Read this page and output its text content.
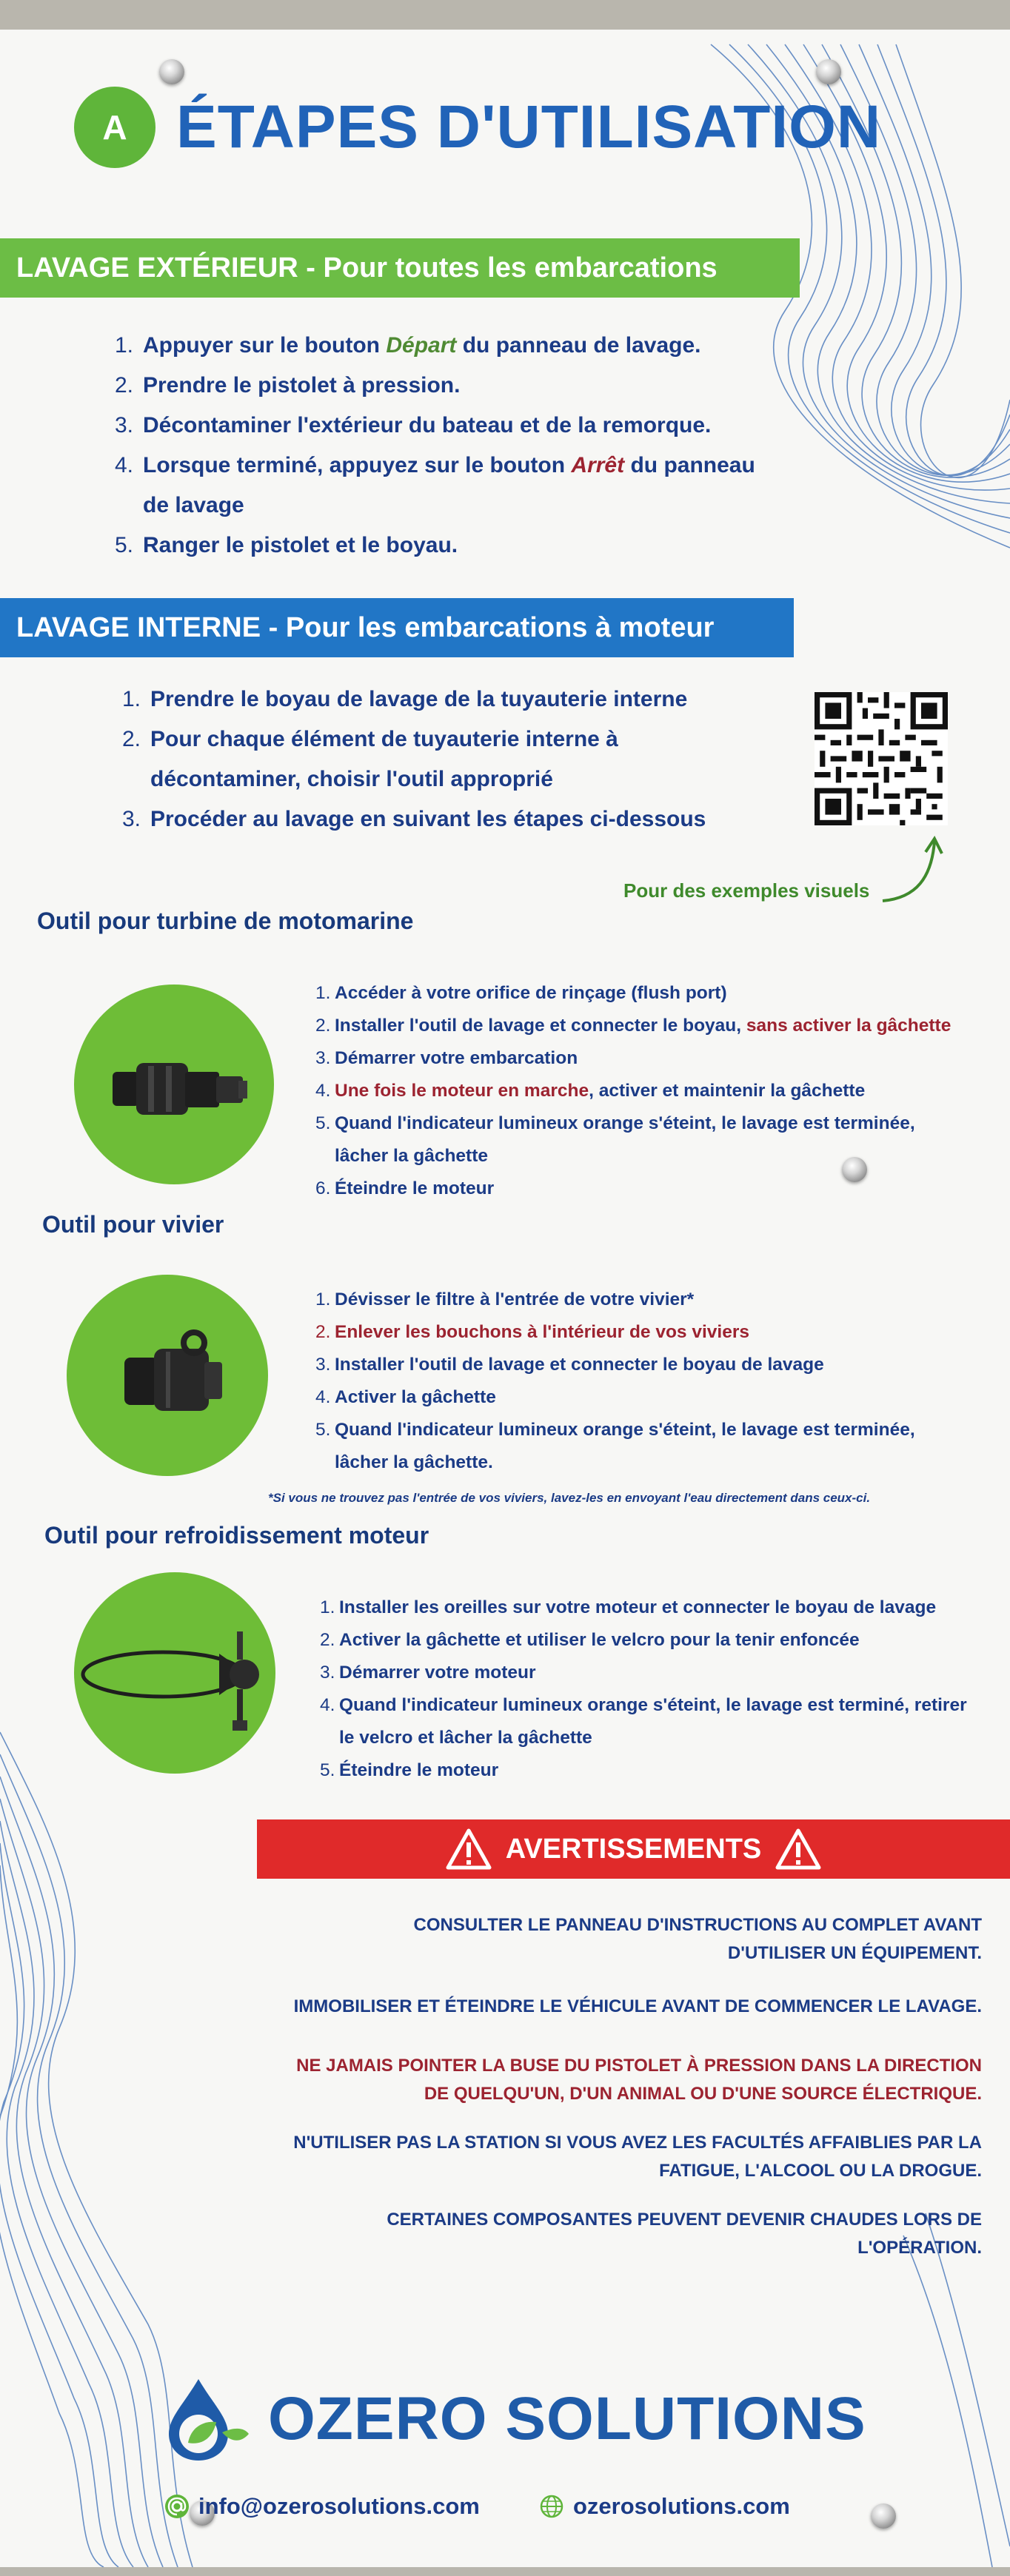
A ÉTAPES D'UTILISATION
LAVAGE EXTÉRIEUR - Pour toutes les embarcations
1. Appuyer sur le bouton Départ du panneau de lavage.
2. Prendre le pistolet à pression.
3. Décontaminer l'extérieur du bateau et de la remorque.
4. Lorsque terminé, appuyez sur le bouton Arrêt du panneau de lavage
5. Ranger le pistolet et le boyau.
LAVAGE INTERNE - Pour les embarcations à moteur
1. Prendre le boyau de lavage de la tuyauterie interne
2. Pour chaque élément de tuyauterie interne à décontaminer, choisir l'outil approprié
3. Procéder au lavage en suivant les étapes ci-dessous
Pour des exemples visuels
Outil pour turbine de motomarine
1. Accéder à votre orifice de rinçage (flush port)
2. Installer l'outil de lavage et connecter le boyau, sans activer la gâchette
3. Démarrer votre embarcation
4. Une fois le moteur en marche, activer et maintenir la gâchette
5. Quand l'indicateur lumineux orange s'éteint, le lavage est terminée, lâcher la gâchette
6. Éteindre le moteur
Outil pour vivier
1. Dévisser le filtre à l'entrée de votre vivier*
2. Enlever les bouchons à l'intérieur de vos viviers
3. Installer l'outil de lavage et connecter le boyau de lavage
4. Activer la gâchette
5. Quand l'indicateur lumineux orange s'éteint, le lavage est terminée, lâcher la gâchette.
*Si vous ne trouvez pas l'entrée de vos viviers, lavez-les en envoyant l'eau directement dans ceux-ci.
Outil pour refroidissement moteur
1. Installer les oreilles sur votre moteur et connecter le boyau de lavage
2. Activer la gâchette et utiliser le velcro pour la tenir enfoncée
3. Démarrer votre moteur
4. Quand l'indicateur lumineux orange s'éteint, le lavage est terminé, retirer le velcro et lâcher la gâchette
5. Éteindre le moteur
AVERTISSEMENTS
CONSULTER LE PANNEAU D'INSTRUCTIONS AU COMPLET AVANT
D'UTILISER UN ÉQUIPEMENT.
IMMOBILISER ET ÉTEINDRE LE VÉHICULE AVANT DE COMMENCER LE LAVAGE.
NE JAMAIS POINTER LA BUSE DU PISTOLET À PRESSION DANS LA DIRECTION
DE QUELQU'UN, D'UN ANIMAL OU D'UNE SOURCE ÉLECTRIQUE.
N'UTILISER PAS LA STATION SI VOUS AVEZ LES FACULTÉS AFFAIBLIES PAR LA
FATIGUE, L'ALCOOL OU LA DROGUE.
CERTAINES COMPOSANTES PEUVENT DEVENIR CHAUDES LORS DE
L'OPÉRATION.
OZERO SOLUTIONS
info@ozerosolutions.com	ozerosolutions.com
